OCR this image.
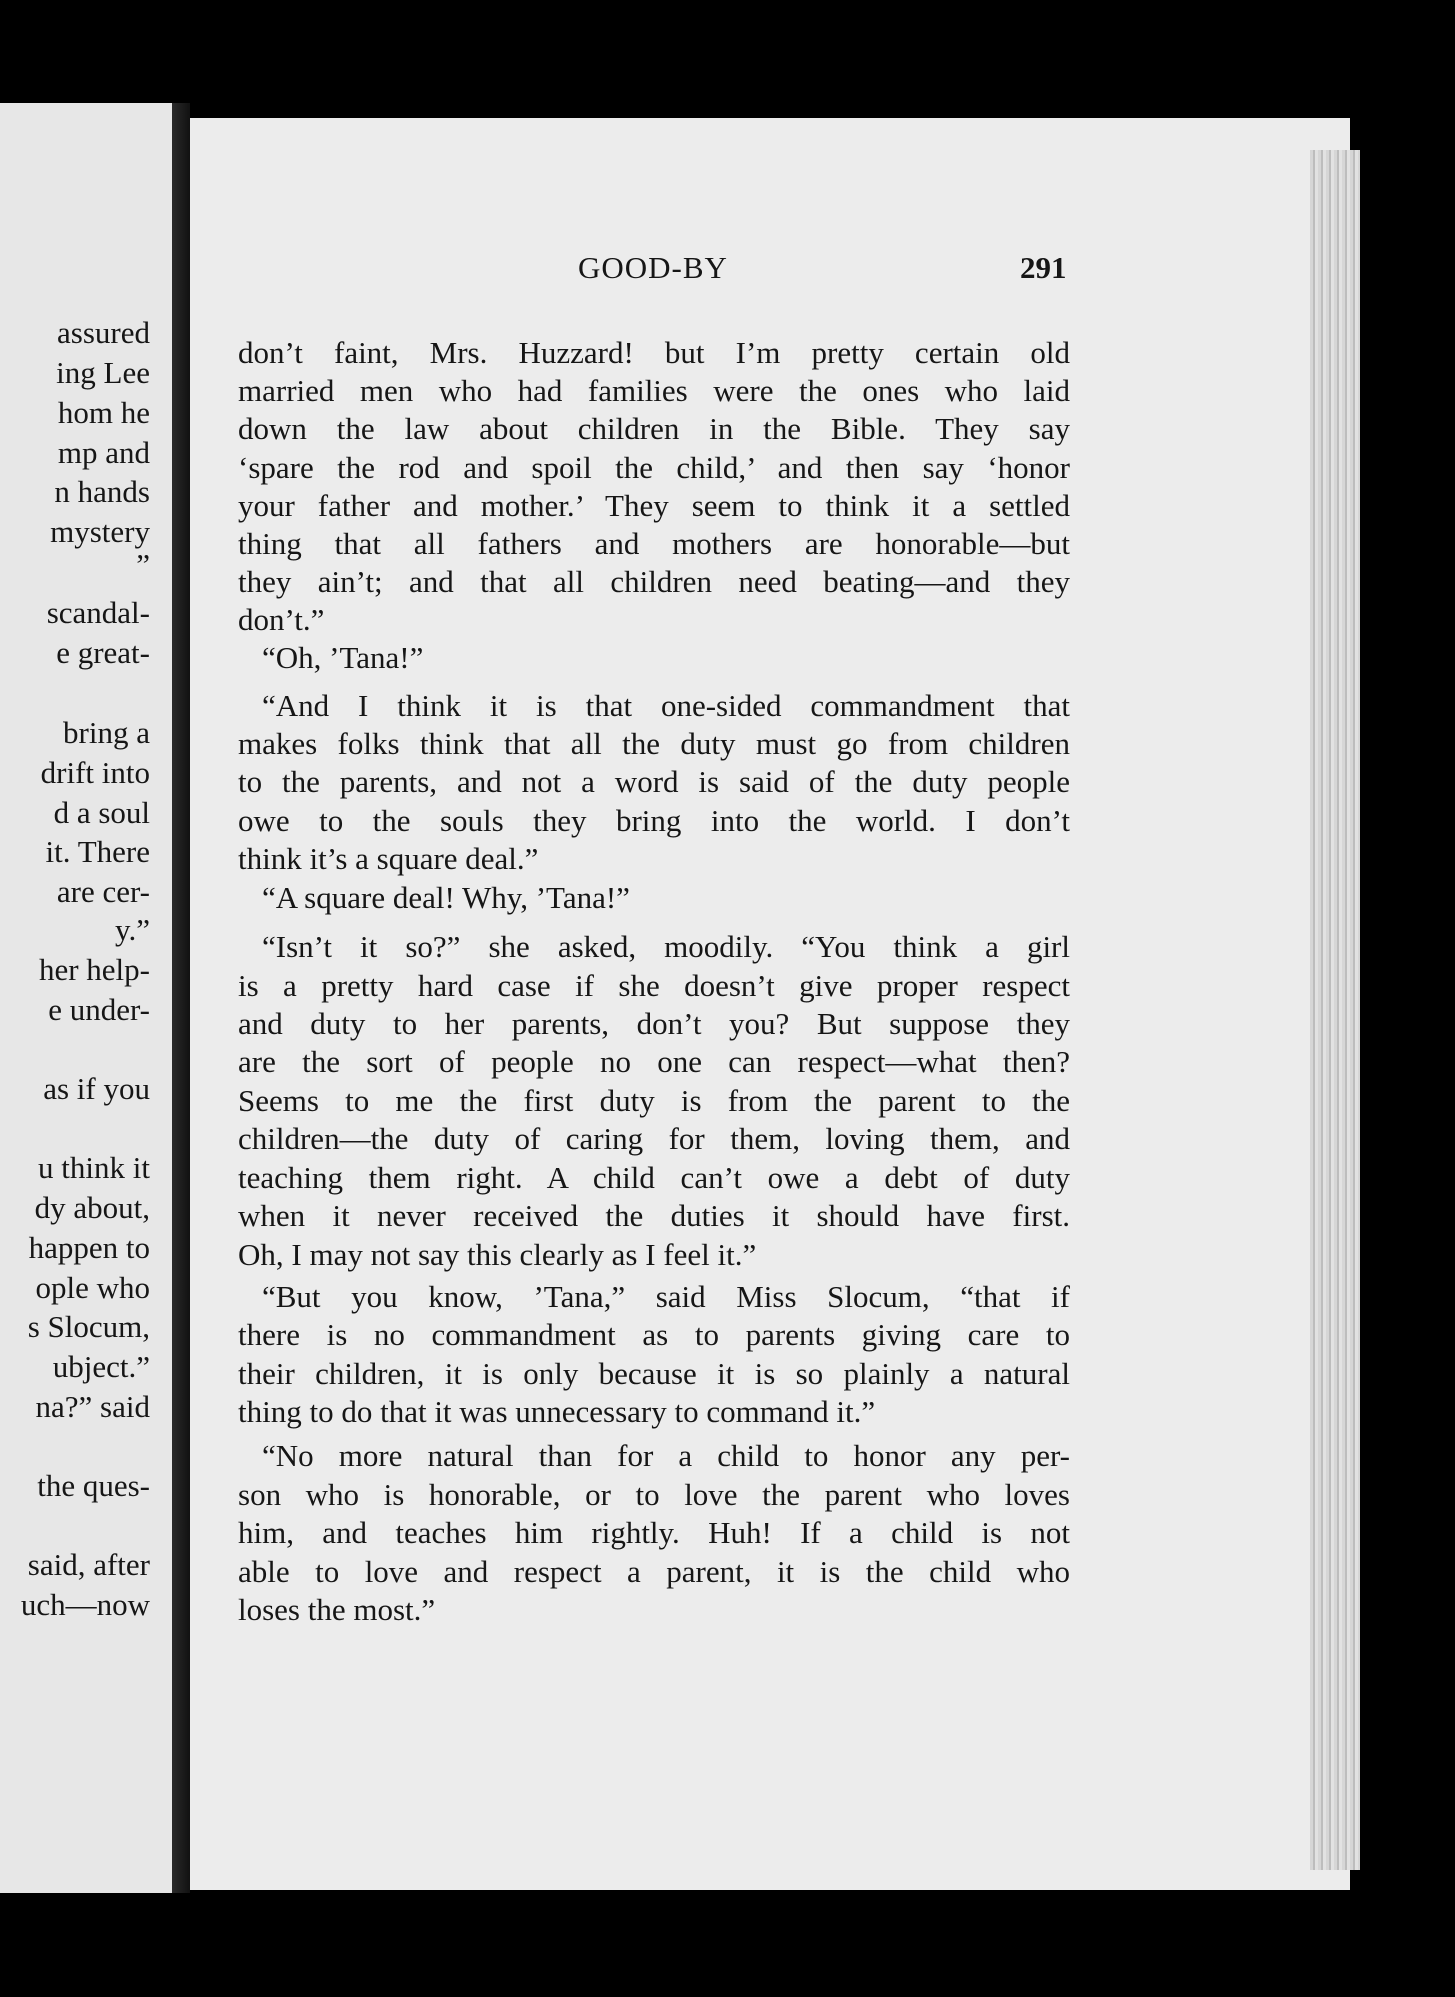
assured
ing Lee
hom he
mp and
n hands
mystery
”
scandal-
e great-
bring a
drift into
d a soul
it. There
are cer-
y.”
her help-
e under-
as if you
u think it
dy about,
happen to
ople who
s Slocum,
ubject.”
na?” said
the ques-
said, after
uch—now
GOOD-BY	291
don’t faint, Mrs. Huzzard! but I’m pretty certain old
married men who had families were the ones who laid
down the law about children in the Bible. They say
‘spare the rod and spoil the child,’ and then say ‘honor
your father and mother.’ They seem to think it a settled
thing that all fathers and mothers are honorable—but
they ain’t; and that all children need beating—and they
don’t.”
“Oh, ’Tana!”
“And I think it is that one-sided commandment that
makes folks think that all the duty must go from children
to the parents, and not a word is said of the duty people
owe to the souls they bring into the world. I don’t
think it’s a square deal.”
“A square deal! Why, ’Tana!”
“Isn’t it so?” she asked, moodily. “You think a girl
is a pretty hard case if she doesn’t give proper respect
and duty to her parents, don’t you? But suppose they
are the sort of people no one can respect—what then?
Seems to me the first duty is from the parent to the
children—the duty of caring for them, loving them, and
teaching them right. A child can’t owe a debt of duty
when it never received the duties it should have first.
Oh, I may not say this clearly as I feel it.”
“But you know, ’Tana,” said Miss Slocum, “that if
there is no commandment as to parents giving care to
their children, it is only because it is so plainly a natural
thing to do that it was unnecessary to command it.”
“No more natural than for a child to honor any per-
son who is honorable, or to love the parent who loves
him, and teaches him rightly. Huh! If a child is not
able to love and respect a parent, it is the child who
loses the most.”
